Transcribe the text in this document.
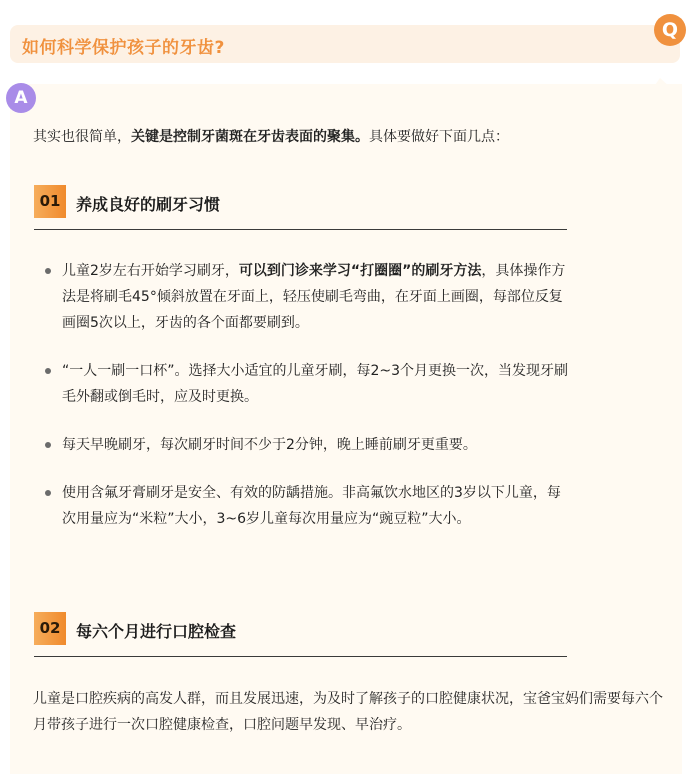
如何科学保护孩子的牙齿?
Q
A
其实也很简单，关键是控制牙菌斑在牙齿表面的聚集。具体要做好下面几点：
01 养成良好的刷牙习惯
儿童2岁左右开始学习刷牙，可以到门诊来学习“打圈圈”的刷牙方法，具体操作方法是将刷毛45°倾斜放置在牙面上，轻压使刷毛弯曲，在牙面上画圈，每部位反复画圈5次以上，牙齿的各个面都要刷到。
“一人一刷一口杯”。选择大小适宜的儿童牙刷，每2~3个月更换一次，当发现牙刷毛外翻或倒毛时，应及时更换。
每天早晚刷牙，每次刷牙时间不少于2分钟，晚上睡前刷牙更重要。
使用含氟牙膏刷牙是安全、有效的防龋措施。非高氟饮水地区的3岁以下儿童，每次用量应为“米粒”大小，3~6岁儿童每次用量应为“豌豆粒”大小。
02 每六个月进行口腔检查
儿童是口腔疾病的高发人群，而且发展迅速，为及时了解孩子的口腔健康状况，宝爸宝妈们需要每六个月带孩子进行一次口腔健康检查，口腔问题早发现、早治疗。
